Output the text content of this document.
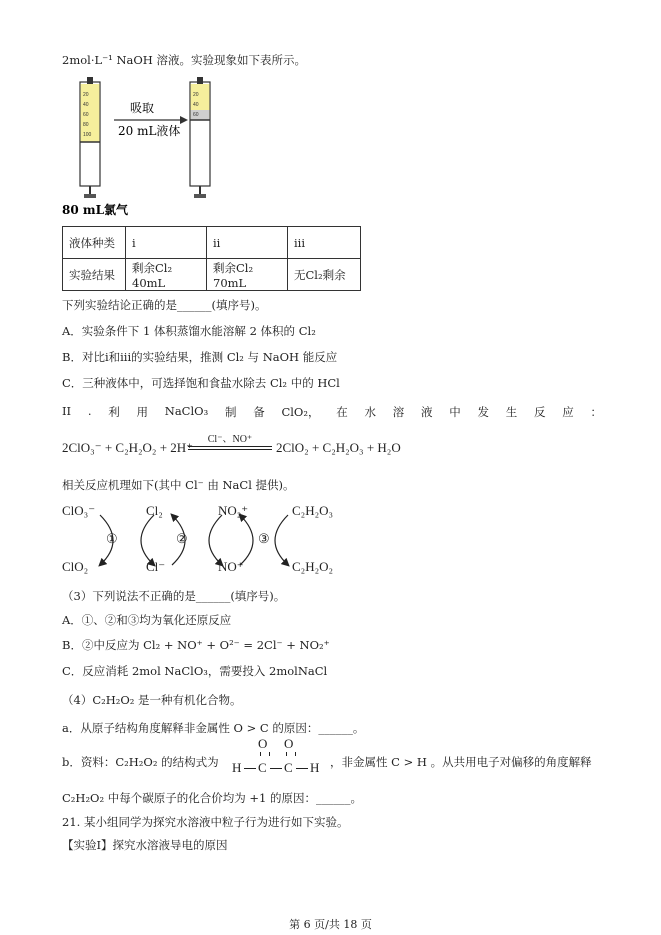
2mol·L⁻¹ NaOH 溶液。实验现象如下表所示。
20
40
60
80
100
吸取
20 mL液体
20
40
60
80 mL氯气
液体种类	i	ii	iii
实验结果	剩余Cl₂ 40mL	剩余Cl₂ 70mL	无Cl₂剩余
下列实验结论正确的是______(填序号)。
A．实验条件下 1 体积蒸馏水能溶解 2 体积的 Cl₂
B．对比i和iii的实验结果，推测 Cl₂ 与 NaOH 能反应
C．三种液体中，可选择饱和食盐水除去 Cl₂ 中的 HCl
II . 利 用 NaClO₃ 制 备 ClO₂， 在 水 溶 液 中 发 生 反 应 ：
2ClO₃⁻ + C₂H₂O₂ + 2H⁺
Cl⁻、NO⁺
2ClO₂ + C₂H₂O₃ + H₂O
相关反应机理如下(其中 Cl⁻ 由 NaCl 提供)。
ClO₃⁻
ClO₂
①
Cl₂
Cl⁻
②
NO₂⁺
NO⁺
③
C₂H₂O₃
C₂H₂O₂
（3）下列说法不正确的是______(填序号)。
A．①、②和③均为氧化还原反应
B．②中反应为 Cl₂ + NO⁺ + O²⁻ = 2Cl⁻ + NO₂⁺
C．反应消耗 2mol NaClO₃，需要投入 2molNaCl
（4）C₂H₂O₂ 是一种有机化合物。
a．从原子结构角度解释非金属性 O > C 的原因：______。
b．资料：C₂H₂O₂ 的结构式为
O O
H C C H ，非金属性 C > H 。从共用电子对偏移的角度解释
C₂H₂O₂ 中每个碳原子的化合价均为 +1 的原因：______。
21. 某小组同学为探究水溶液中粒子行为进行如下实验。
【实验Ⅰ】探究水溶液导电的原因
第 6 页/共 18 页
